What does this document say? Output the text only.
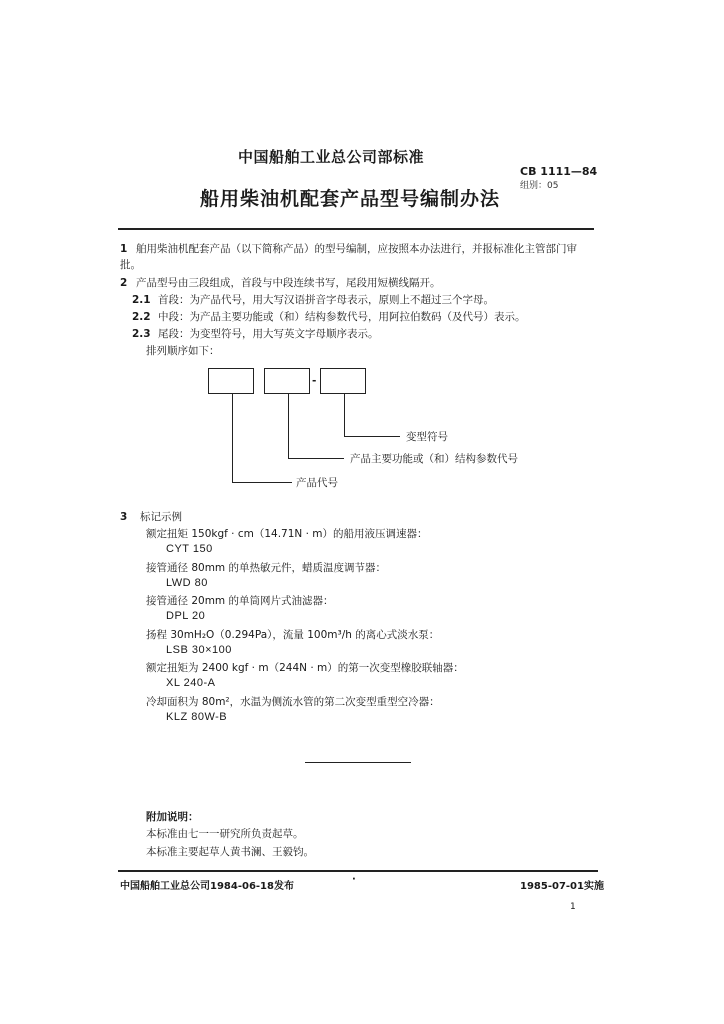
中国船舶工业总公司部标准
船用柴油机配套产品型号编制办法
CB 1111—84
组别：05
1 舶用柴油机配套产品（以下简称产品）的型号编制，应按照本办法进行，并报标准化主管部门审
批。
2 产品型号由三段组成，首段与中段连续书写，尾段用短横线隔开。
2.1 首段：为产品代号，用大写汉语拼音字母表示，原则上不超过三个字母。
2.2 中段：为产品主要功能或（和）结构参数代号，用阿拉伯数码（及代号）表示。
2.3 尾段：为变型符号，用大写英文字母顺序表示。
排列顺序如下：
-
变型符号
产品主要功能或（和）结构参数代号
产品代号
3 标记示例
额定扭矩 150kgf · cm（14.71N · m）的船用液压调速器：
CYT 150
接管通径 80mm 的单热敏元件，蜡质温度调节器：
LWD 80
接管通径 20mm 的单筒网片式油滤器：
DPL 20
扬程 30mH₂O（0.294Pa），流量 100m³/h 的离心式淡水泵：
LSB 30×100
额定扭矩为 2400 kgf · m（244N · m）的第一次变型橡胶联轴器：
XL 240-A
冷却面积为 80m²，水温为侧流水管的第二次变型重型空冷器：
KLZ 80W-B
附加说明：
本标准由七一一研究所负责起草。
本标准主要起草人黄书澜、王毅钧。
中国船舶工业总公司1984-06-18发布
·
1985-07-01实施
1
